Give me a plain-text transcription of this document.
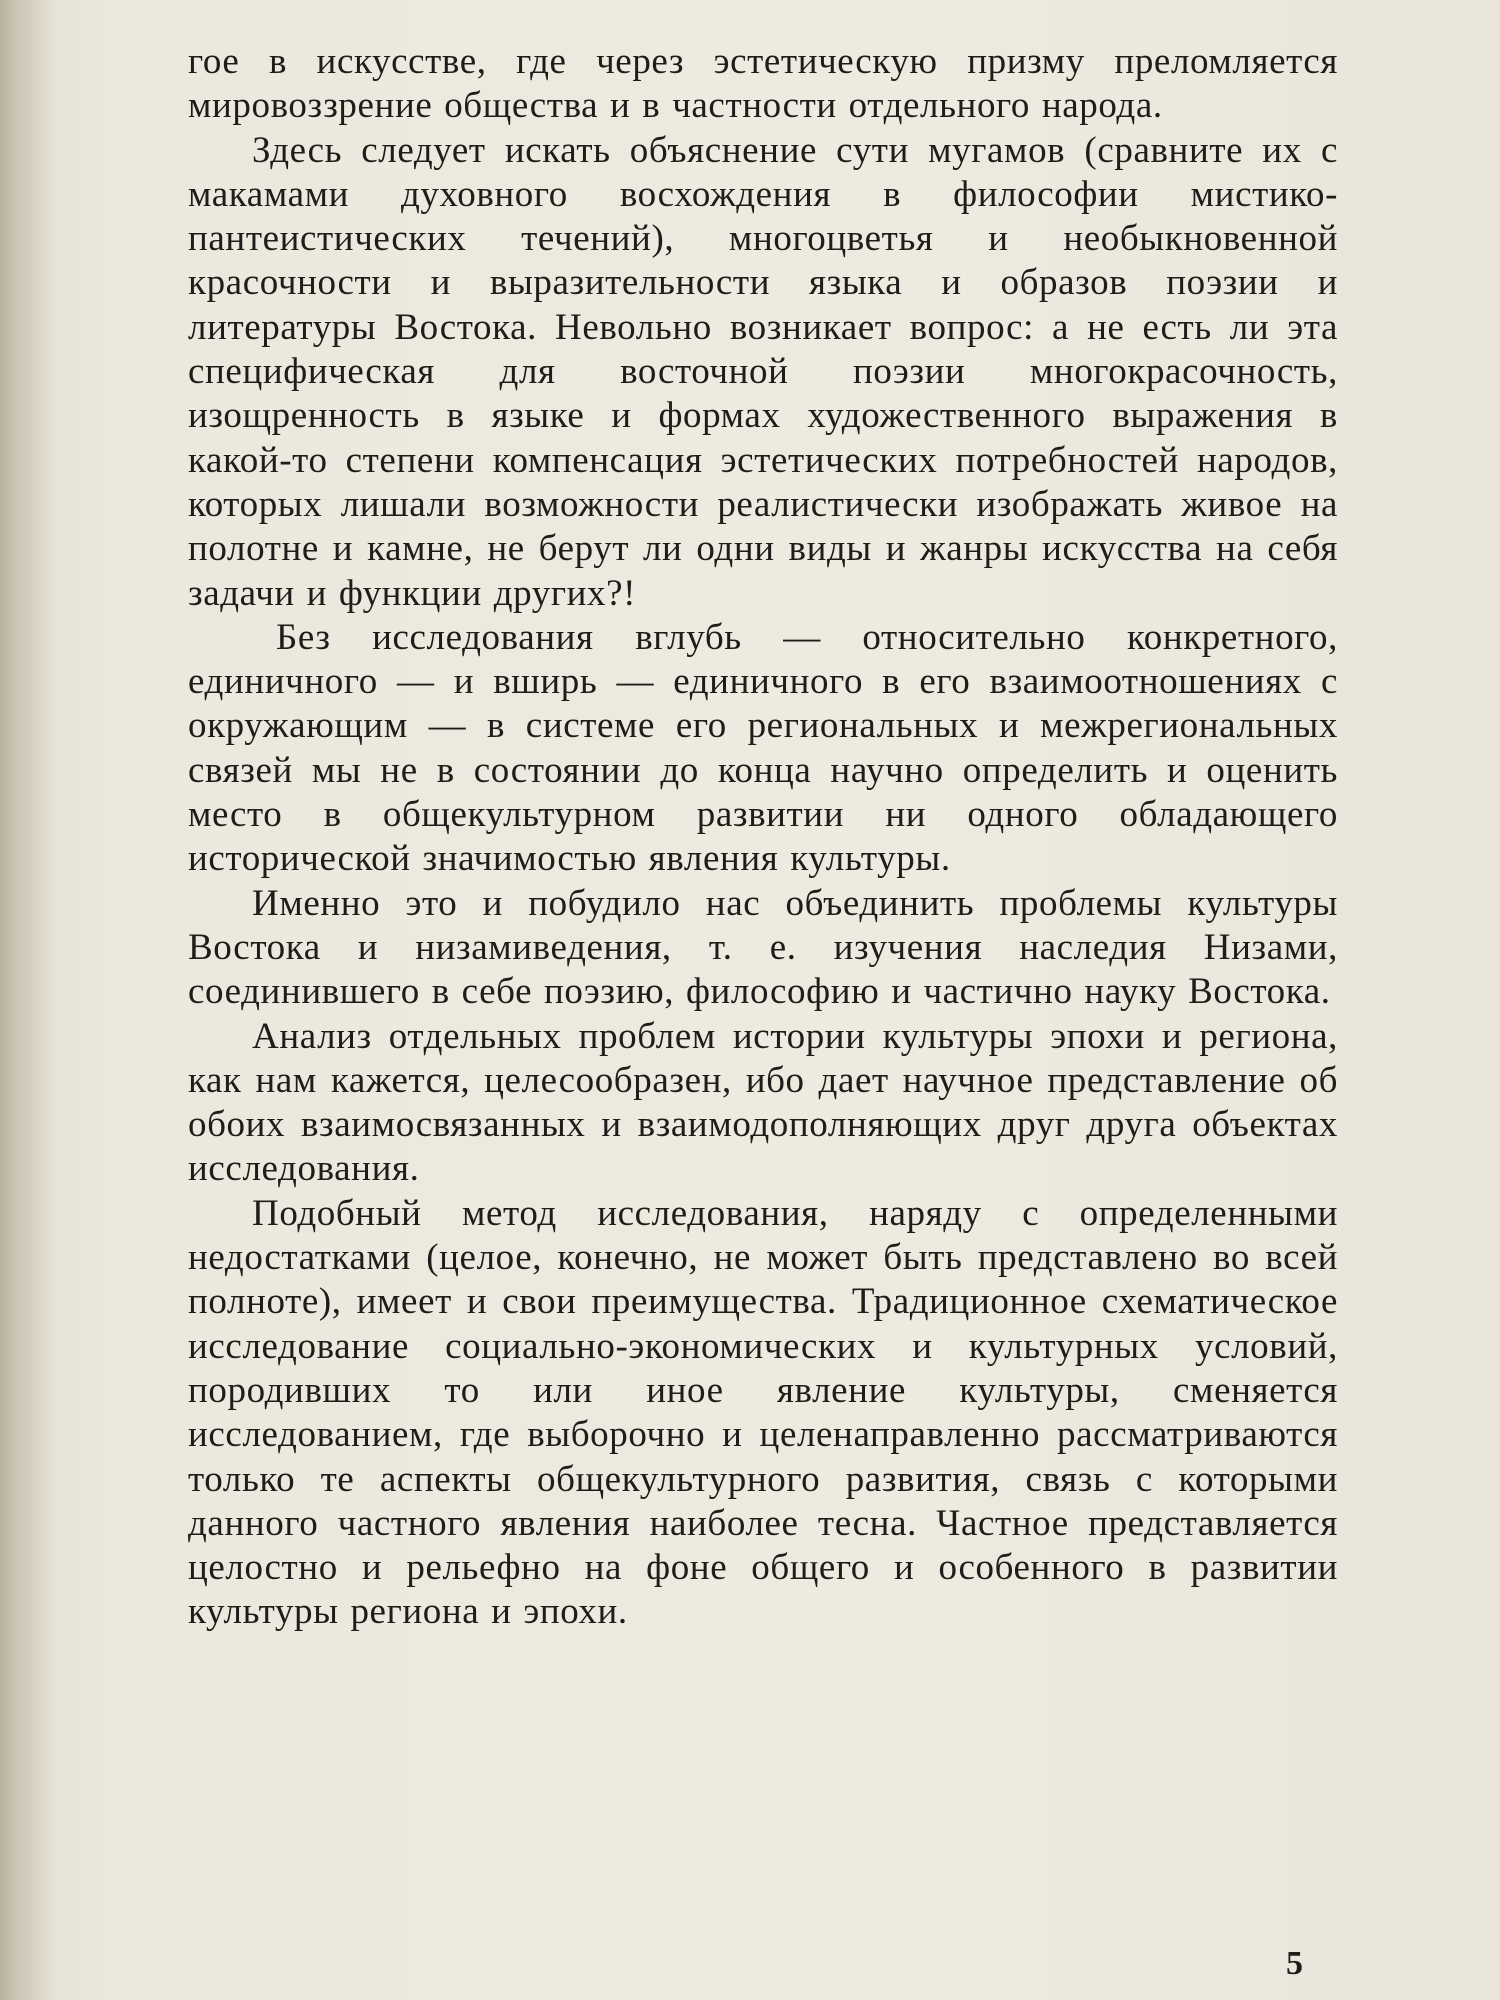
гое в искусстве, где через эстетическую призму преломляется мировоззрение общества и в частности отдельного народа.

Здесь следует искать объяснение сути мугамов (сравните их с макамами духовного восхождения в философии мистико-пантеистических течений), многоцветья и необыкновенной красочности и выразительности языка и образов поэзии и литературы Востока. Невольно возникает вопрос: а не есть ли эта специфическая для восточной поэзии многокрасочность, изощренность в языке и формах художественного выражения в какой-то степени компенсация эстетических потребностей народов, которых лишали возможности реалистически изображать живое на полотне и камне, не берут ли одни виды и жанры искусства на себя задачи и функции других?!

Без исследования вглубь — относительно конкретного, единичного — и вширь — единичного в его взаимоотношениях с окружающим — в системе его региональных и межрегиональных связей мы не в состоянии до конца научно определить и оценить место в общекультурном развитии ни одного обладающего исторической значимостью явления культуры.

Именно это и побудило нас объединить проблемы культуры Востока и низамиведения, т. е. изучения наследия Низами, соединившего в себе поэзию, философию и частично науку Востока.

Анализ отдельных проблем истории культуры эпохи и региона, как нам кажется, целесообразен, ибо дает научное представление об обоих взаимосвязанных и взаимодополняющих друг друга объектах исследования.

Подобный метод исследования, наряду с определенными недостатками (целое, конечно, не может быть представлено во всей полноте), имеет и свои преимущества. Традиционное схематическое исследование социально-экономических и культурных условий, породивших то или иное явление культуры, сменяется исследованием, где выборочно и целенаправленно рассматриваются только те аспекты общекультурного развития, связь с которыми данного частного явления наиболее тесна. Частное представляется целостно и рельефно на фоне общего и особенного в развитии культуры региона и эпохи.

5
